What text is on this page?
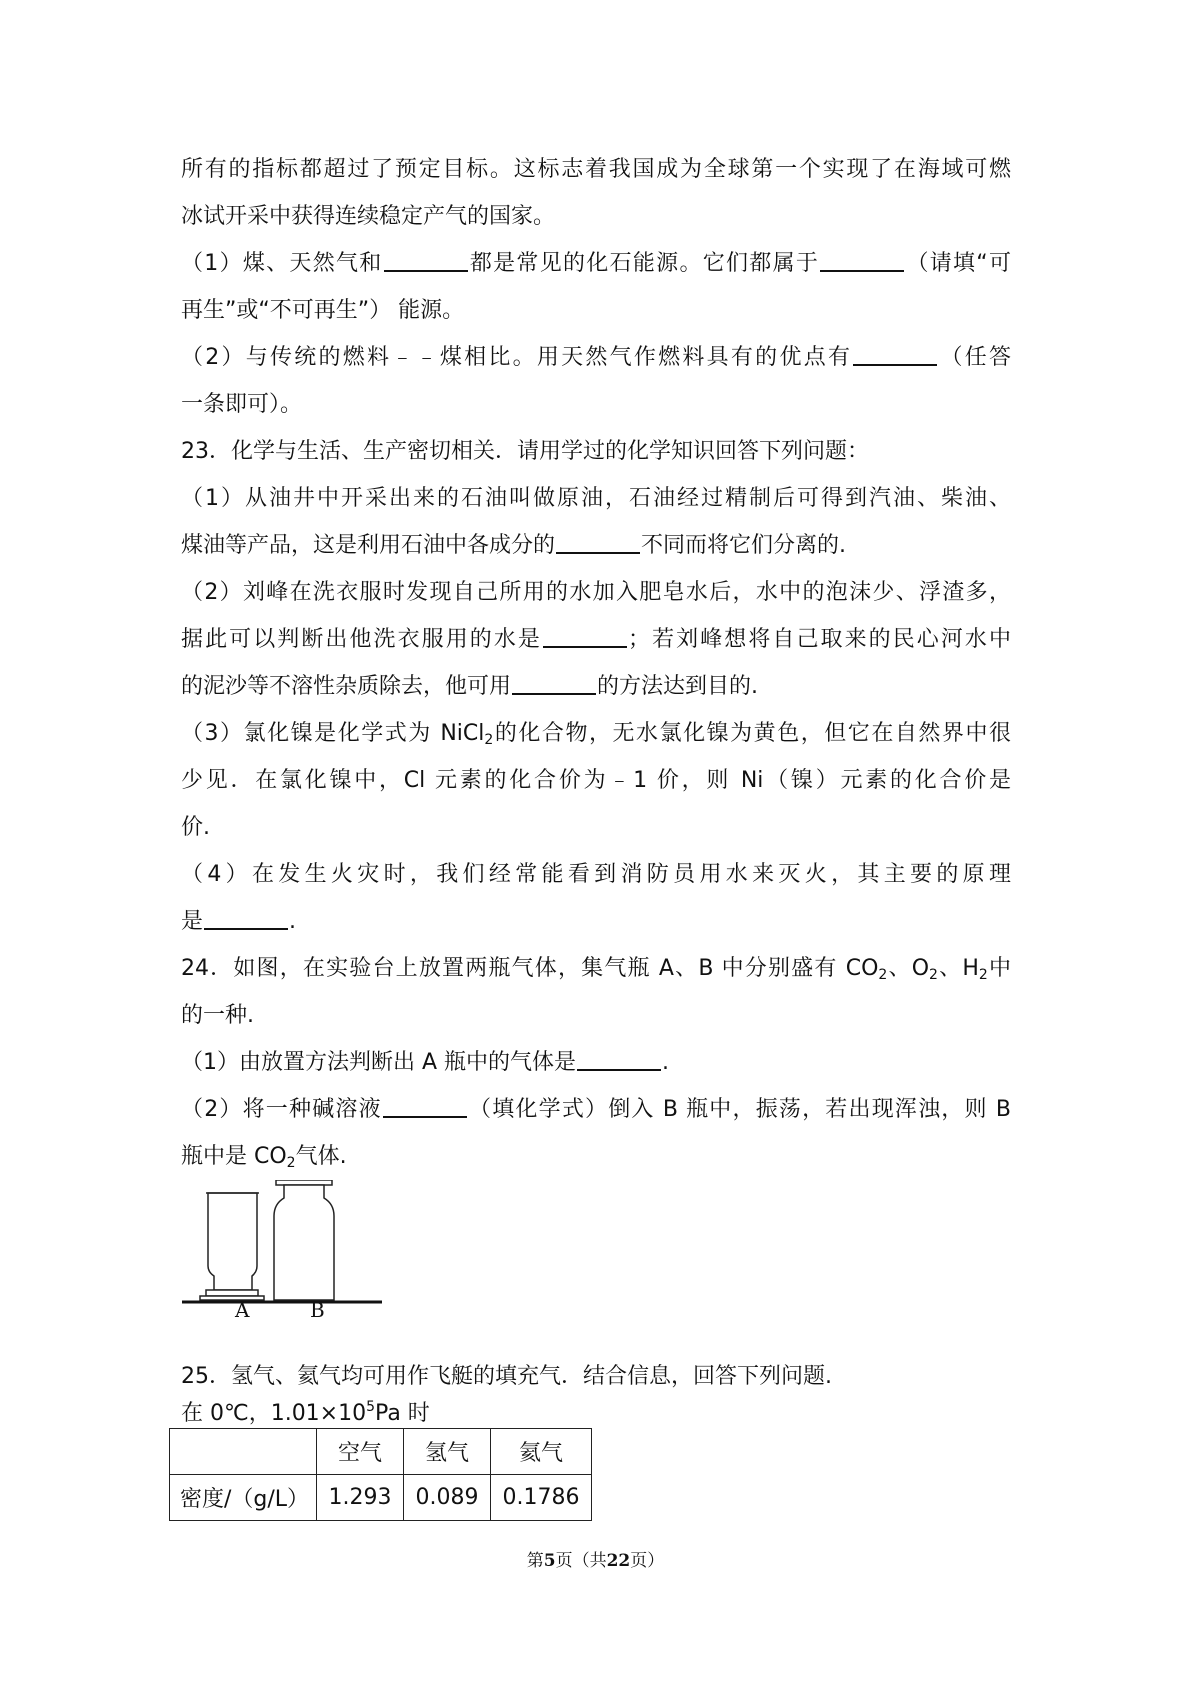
所有的指标都超过了预定目标。这标志着我国成为全球第一个实现了在海域可燃
冰试开采中获得连续稳定产气的国家。
（1）煤、天然气和	都是常见的化石能源。它们都属于	（请填“可
再生”或“不可再生”） 能源。
（2）与传统的燃料﹣﹣煤相比。用天然气作燃料具有的优点有	（任答
一条即可）。
23．化学与生活、生产密切相关．请用学过的化学知识回答下列问题：
（1）从油井中开采出来的石油叫做原油，石油经过精制后可得到汽油、柴油、
煤油等产品，这是利用石油中各成分的	不同而将它们分离的.
（2）刘峰在洗衣服时发现自己所用的水加入肥皂水后，水中的泡沫少、浮渣多，
据此可以判断出他洗衣服用的水是	；若刘峰想将自己取来的民心河水中
的泥沙等不溶性杂质除去，他可用	的方法达到目的.
（3）氯化镍是化学式为 NiCl$_2$的化合物，无水氯化镍为黄色，但它在自然界中很
少见．在氯化镍中，Cl 元素的化合价为﹣1 价，则 Ni（镍）元素的化合价是
价.
（4）在发生火灾时，我们经常能看到消防员用水来灭火，其主要的原理
是	.
24．如图，在实验台上放置两瓶气体，集气瓶 A、B 中分别盛有 $CO_2$、$O_2$、$H_2$中
的一种.
（1）由放置方法判断出 A 瓶中的气体是	.
（2）将一种碱溶液	（填化学式）倒入 B 瓶中，振荡，若出现浑浊，则 B
瓶中是 $CO_2$气体.
A	B
25．氢气、氦气均可用作飞艇的填充气．结合信息，回答下列问题.
在 0℃，$1.01\times 10^5Pa$ 时
	空气	氢气	氦气
密度/（g/L）	1.293	0.089	0.1786
第5页（共22页）
